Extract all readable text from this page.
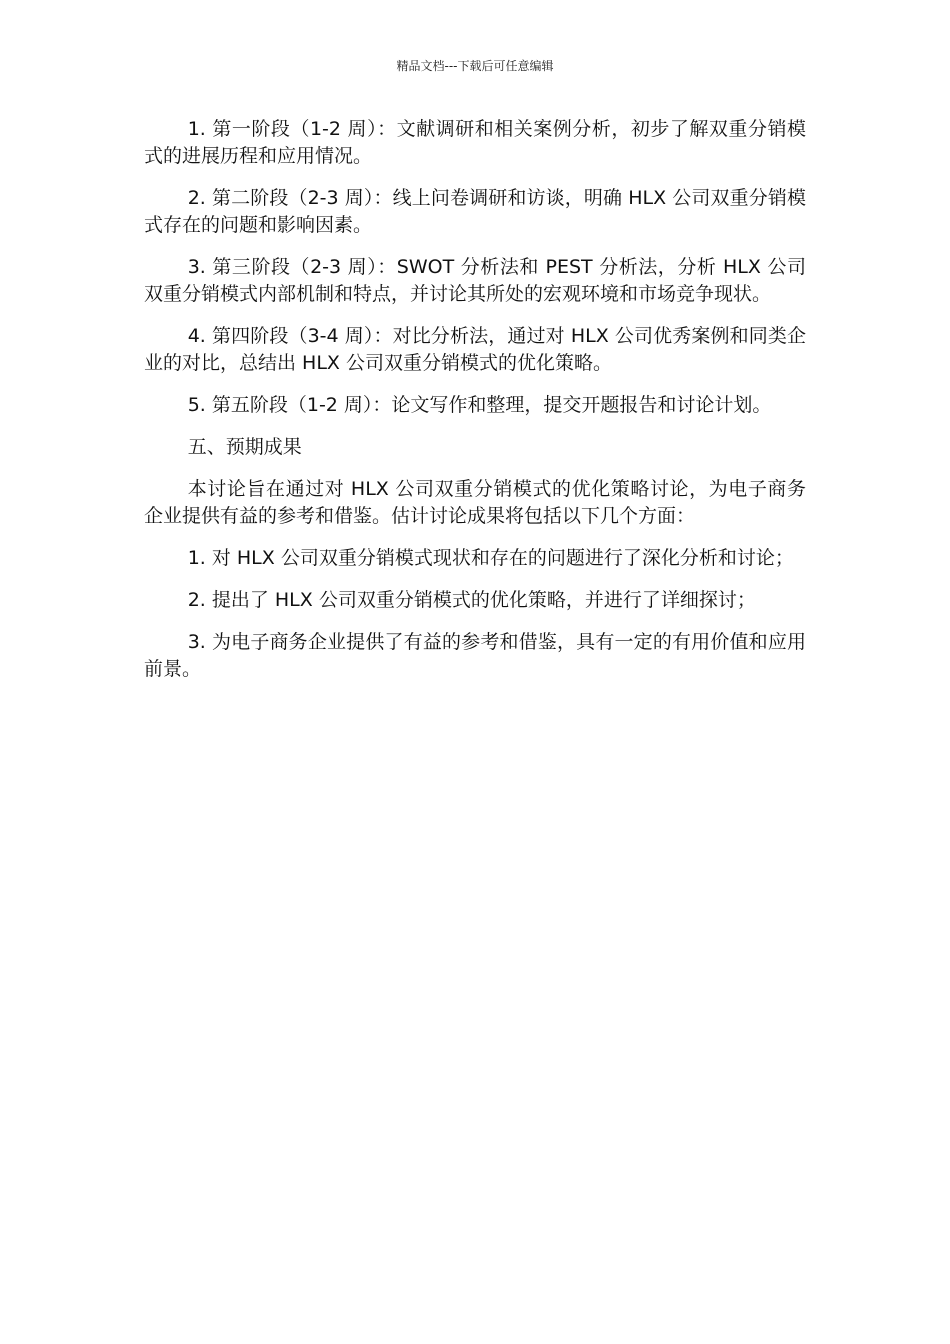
精品文档---下载后可任意编辑

1. 第一阶段（1-2 周）：文献调研和相关案例分析，初步了解双重分销模式的进展历程和应用情况。

2. 第二阶段（2-3 周）：线上问卷调研和访谈，明确 HLX 公司双重分销模式存在的问题和影响因素。

3. 第三阶段（2-3 周）：SWOT 分析法和 PEST 分析法，分析 HLX 公司双重分销模式内部机制和特点，并讨论其所处的宏观环境和市场竞争现状。

4. 第四阶段（3-4 周）：对比分析法，通过对 HLX 公司优秀案例和同类企业的对比，总结出 HLX 公司双重分销模式的优化策略。

5. 第五阶段（1-2 周）：论文写作和整理，提交开题报告和讨论计划。

五、预期成果

本讨论旨在通过对 HLX 公司双重分销模式的优化策略讨论，为电子商务企业提供有益的参考和借鉴。估计讨论成果将包括以下几个方面：

1. 对 HLX 公司双重分销模式现状和存在的问题进行了深化分析和讨论；

2. 提出了 HLX 公司双重分销模式的优化策略，并进行了详细探讨；

3. 为电子商务企业提供了有益的参考和借鉴，具有一定的有用价值和应用前景。
